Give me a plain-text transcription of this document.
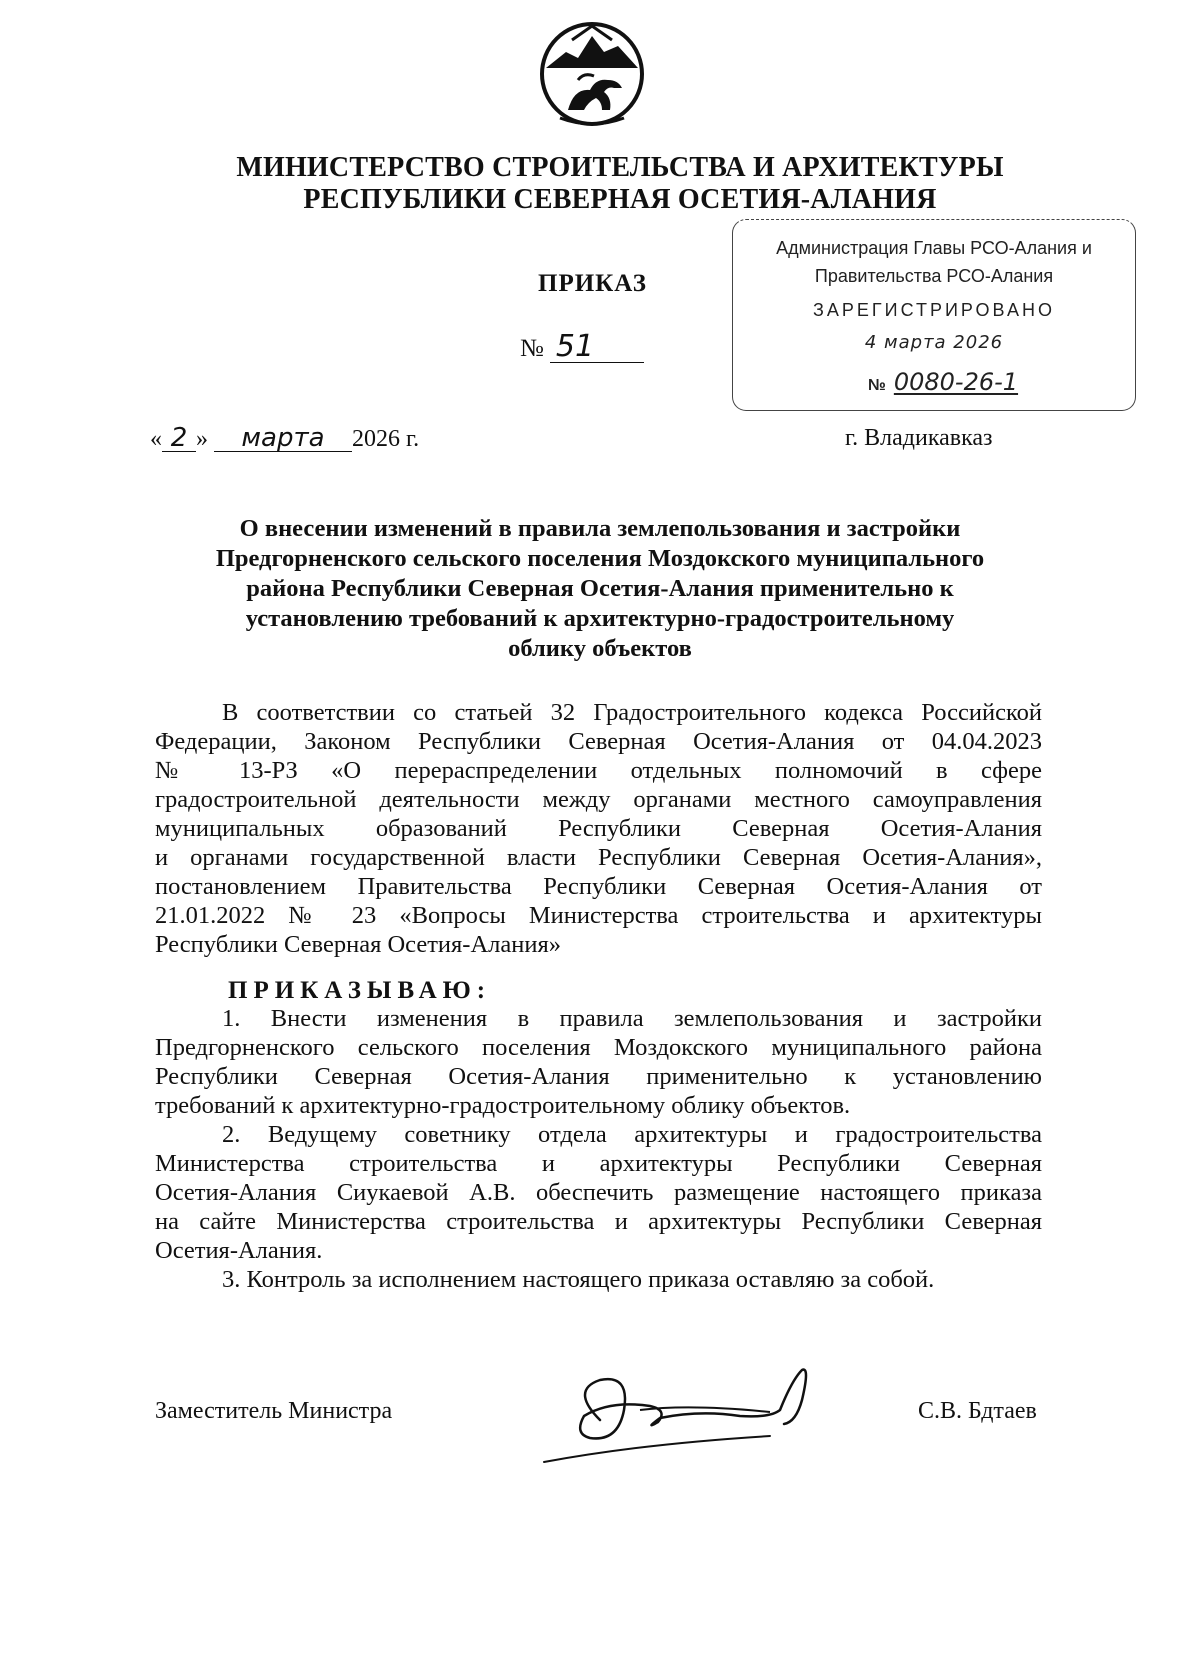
МИНИСТЕРСТВО СТРОИТЕЛЬСТВА И АРХИТЕКТУРЫ
РЕСПУБЛИКИ СЕВЕРНАЯ ОСЕТИЯ-АЛАНИЯ
Администрация Главы РСО-Алания и
Правительства РСО-Алания
ЗАРЕГИСТРИРОВАНО
4 марта 2026
№ 0080-26-1
ПРИКАЗ
№ 51
« 2 » марта 2026 г.	г. Владикавказ
О внесении изменений в правила землепользования и застройки
Предгорненского сельского поселения Моздокского муниципального
района Республики Северная Осетия-Алания применительно к
установлению требований к архитектурно-градостроительному
облику объектов
В соответствии со статьей 32 Градостроительного кодекса Российской
Федерации, Законом Республики Северная Осетия-Алания от 04.04.2023
№ 13-РЗ «О перераспределении отдельных полномочий в сфере
градостроительной деятельности между органами местного самоуправления
муниципальных образований Республики Северная Осетия-Алания
и органами государственной власти Республики Северная Осетия-Алания»,
постановлением Правительства Республики Северная Осетия-Алания от
21.01.2022 № 23 «Вопросы Министерства строительства и архитектуры
Республики Северная Осетия-Алания»
ПРИКАЗЫВАЮ:
1. Внести изменения в правила землепользования и застройки
Предгорненского сельского поселения Моздокского муниципального района
Республики Северная Осетия-Алания применительно к установлению
требований к архитектурно-градостроительному облику объектов.
2. Ведущему советнику отдела архитектуры и градостроительства
Министерства строительства и архитектуры Республики Северная
Осетия-Алания Сиукаевой А.В. обеспечить размещение настоящего приказа
на сайте Министерства строительства и архитектуры Республики Северная
Осетия-Алания.
3. Контроль за исполнением настоящего приказа оставляю за собой.
Заместитель Министра	С.В. Бдтаев
